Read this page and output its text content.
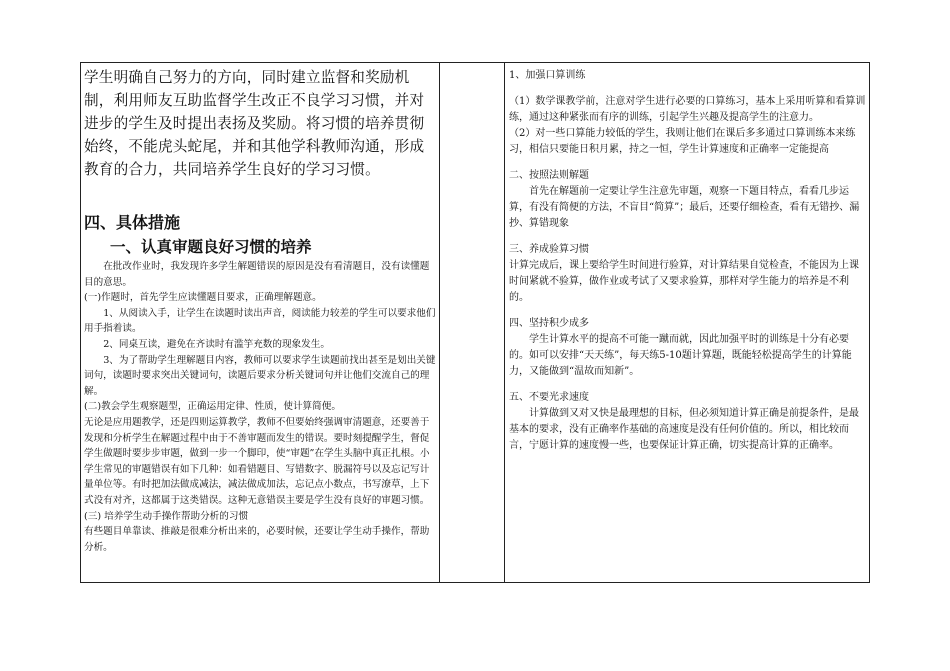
学生明确自己努力的方向，同时建立监督和奖励机制，利用师友互助监督学生改正不良学习习惯，并对进步的学生及时提出表扬及奖励。将习惯的培养贯彻始终，不能虎头蛇尾，并和其他学科教师沟通，形成教育的合力，共同培养学生良好的学习习惯。

四、具体措施

一、认真审题良好习惯的培养

在批改作业时，我发现许多学生解题错误的原因是没有看清题目，没有读懂题目的意思。

(一)作题时，首先学生应读懂题目要求，正确理解题意。

1、从阅读入手，让学生在读题时读出声音，阅读能力较差的学生可以要求他们用手指着读。

2、同桌互读，避免在齐读时有滥竽充数的现象发生。

3、为了帮助学生理解题目内容，教师可以要求学生读题前找出甚至是划出关键词句，读题时要求突出关键词句，读题后要求分析关键词句并让他们交流自己的理解。

(二)教会学生观察题型，正确运用定律、性质，使计算简便。

无论是应用题教学，还是四则运算教学，教师不但要始终强调审清题意，还要善于发现和分析学生在解题过程中由于不善审题而发生的错误。要时刻提醒学生，督促学生做题时要步步审题，做到一步一个脚印，使“审题”在学生头脑中真正扎根。小学生常见的审题错误有如下几种：如看错题目、写错数字、脱漏符号以及忘记写计量单位等。有时把加法做成减法，减法做成加法，忘记点小数点，书写潦草，上下式没有对齐，这都属于这类错误。这种无意错误主要是学生没有良好的审题习惯。

(三) 培养学生动手操作帮助分析的习惯

有些题目单靠读、推敲是很难分析出来的，必要时候，还要让学生动手操作，帮助分析。

1、加强口算训练

（1）数学课教学前，注意对学生进行必要的口算练习，基本上采用听算和看算训练，通过这种紧张而有序的训练，引起学生兴趣及提高学生的注意力。

（2）对一些口算能力较低的学生，我则让他们在课后多多通过口算训练本来练习，相信只要能日积月累，持之一恒，学生计算速度和正确率一定能提高

二、按照法则解题

首先在解题前一定要让学生注意先审题，观察一下题目特点，看看几步运算，有没有简便的方法，不盲目“简算”；最后，还要仔细检查，看有无错抄、漏抄、算错现象

三、养成验算习惯

计算完成后，课上要给学生时间进行验算，对计算结果自觉检查，不能因为上课时间紧就不验算，做作业或考试了又要求验算，那样对学生能力的培养是不利的。

四、坚持积少成多

学生计算水平的提高不可能一蹴而就，因此加强平时的训练是十分有必要的。如可以安排“天天练”，每天练5-10题计算题，既能轻松提高学生的计算能力，又能做到“温故而知新”。

五、不要光求速度

计算做到又对又快是最理想的目标，但必须知道计算正确是前提条件，是最基本的要求，没有正确率作基础的高速度是没有任何价值的。所以，相比较而言，宁愿计算的速度慢一些，也要保证计算正确，切实提高计算的正确率。
